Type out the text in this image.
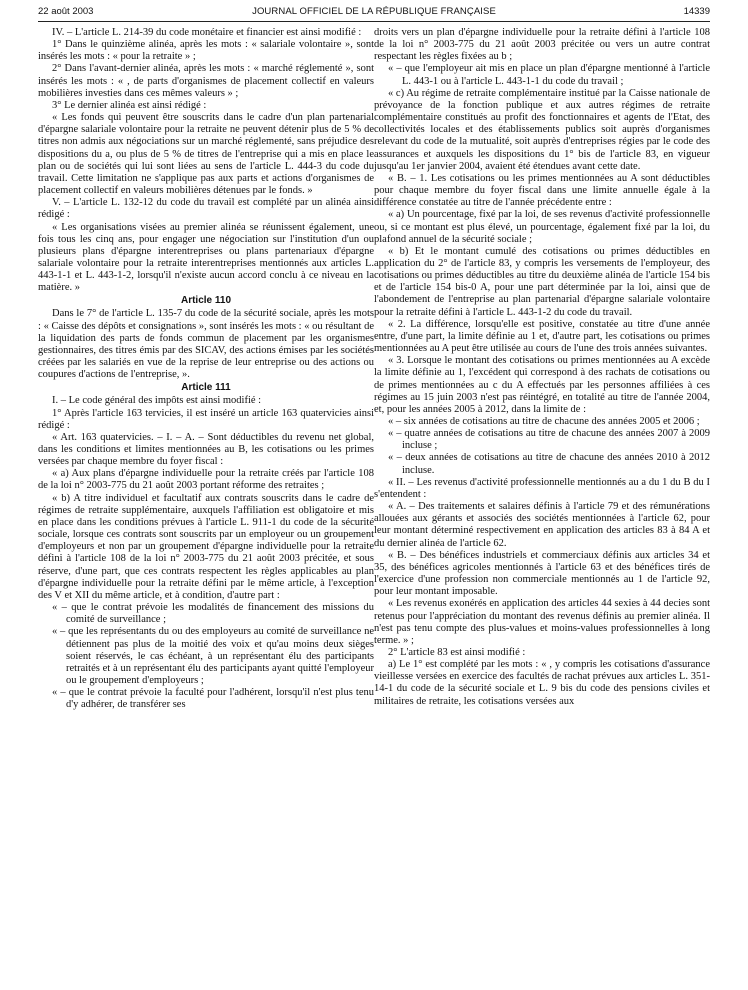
22 août 2003	JOURNAL OFFICIEL DE LA RÉPUBLIQUE FRANÇAISE	14339

IV. – L'article L. 214-39 du code monétaire et financier est ainsi modifié :

1° Dans le quinzième alinéa, après les mots : « salariale volontaire », sont insérés les mots : « pour la retraite » ;

2° Dans l'avant-dernier alinéa, après les mots : « marché réglementé », sont insérés les mots : « , de parts d'organismes de placement collectif en valeurs mobilières investies dans ces mêmes valeurs » ;

3° Le dernier alinéa est ainsi rédigé :

« Les fonds qui peuvent être souscrits dans le cadre d'un plan partenarial d'épargne salariale volontaire pour la retraite ne peuvent détenir plus de 5 % de titres non admis aux négociations sur un marché réglementé, sans préjudice des dispositions du a, ou plus de 5 % de titres de l'entreprise qui a mis en place le plan ou de sociétés qui lui sont liées au sens de l'article L. 444-3 du code du travail. Cette limitation ne s'applique pas aux parts et actions d'organismes de placement collectif en valeurs mobilières détenues par le fonds. »

V. – L'article L. 132-12 du code du travail est complété par un alinéa ainsi rédigé :

« Les organisations visées au premier alinéa se réunissent également, une fois tous les cinq ans, pour engager une négociation sur l'institution d'un ou plusieurs plans d'épargne interentreprises ou plans partenariaux d'épargne salariale volontaire pour la retraite interentreprises mentionnés aux articles L. 443-1-1 et L. 443-1-2, lorsqu'il n'existe aucun accord conclu à ce niveau en la matière. »

Article 110

Dans le 7° de l'article L. 135-7 du code de la sécurité sociale, après les mots : « Caisse des dépôts et consignations », sont insérés les mots : « ou résultant de la liquidation des parts de fonds commun de placement par les organismes gestionnaires, des titres émis par des SICAV, des actions émises par les sociétés créées par les salariés en vue de la reprise de leur entreprise ou des actions ou coupures d'actions de l'entreprise, ».

Article 111

I. – Le code général des impôts est ainsi modifié :

1° Après l'article 163 tervicies, il est inséré un article 163 quatervicies ainsi rédigé :

« Art. 163 quatervicies. – I. – A. – Sont déductibles du revenu net global, dans les conditions et limites mentionnées au B, les cotisations ou les primes versées par chaque membre du foyer fiscal :

« a) Aux plans d'épargne individuelle pour la retraite créés par l'article 108 de la loi n° 2003-775 du 21 août 2003 portant réforme des retraites ;

« b) A titre individuel et facultatif aux contrats souscrits dans le cadre de régimes de retraite supplémentaire, auxquels l'affiliation est obligatoire et mis en place dans les conditions prévues à l'article L. 911-1 du code de la sécurité sociale, lorsque ces contrats sont souscrits par un employeur ou un groupement d'employeurs et non par un groupement d'épargne individuelle pour la retraite défini à l'article 108 de la loi n° 2003-775 du 21 août 2003 précitée, et sous réserve, d'une part, que ces contrats respectent les règles applicables au plan d'épargne individuelle pour la retraite défini par le même article, à l'exception des V et XII du même article, et à condition, d'autre part :

« – que le contrat prévoie les modalités de financement des missions du comité de surveillance ;

« – que les représentants du ou des employeurs au comité de surveillance ne détiennent pas plus de la moitié des voix et qu'au moins deux sièges soient réservés, le cas échéant, à un représentant élu des participants retraités et à un représentant élu des participants ayant quitté l'employeur ou le groupement d'employeurs ;

« – que le contrat prévoie la faculté pour l'adhérent, lorsqu'il n'est plus tenu d'y adhérer, de transférer ses

droits vers un plan d'épargne individuelle pour la retraite défini à l'article 108 de la loi n° 2003-775 du 21 août 2003 précitée ou vers un autre contrat respectant les règles fixées au b ;

« – que l'employeur ait mis en place un plan d'épargne mentionné à l'article L. 443-1 ou à l'article L. 443-1-1 du code du travail ;

« c) Au régime de retraite complémentaire institué par la Caisse nationale de prévoyance de la fonction publique et aux autres régimes de retraite complémentaire constitués au profit des fonctionnaires et agents de l'Etat, des collectivités locales et des établissements publics soit auprès d'organismes relevant du code de la mutualité, soit auprès d'entreprises régies par le code des assurances et auxquels les dispositions du 1° bis de l'article 83, en vigueur jusqu'au 1er janvier 2004, avaient été étendues avant cette date.

« B. – 1. Les cotisations ou les primes mentionnées au A sont déductibles pour chaque membre du foyer fiscal dans une limite annuelle égale à la différence constatée au titre de l'année précédente entre :

« a) Un pourcentage, fixé par la loi, de ses revenus d'activité professionnelle ou, si ce montant est plus élevé, un pourcentage, également fixé par la loi, du plafond annuel de la sécurité sociale ;

« b) Et le montant cumulé des cotisations ou primes déductibles en application du 2° de l'article 83, y compris les versements de l'employeur, des cotisations ou primes déductibles au titre du deuxième alinéa de l'article 154 bis et de l'article 154 bis-0 A, pour une part déterminée par la loi, ainsi que de l'abondement de l'entreprise au plan partenarial d'épargne salariale volontaire pour la retraite défini à l'article L. 443-1-2 du code du travail.

« 2. La différence, lorsqu'elle est positive, constatée au titre d'une année entre, d'une part, la limite définie au 1 et, d'autre part, les cotisations ou primes mentionnées au A peut être utilisée au cours de l'une des trois années suivantes.

« 3. Lorsque le montant des cotisations ou primes mentionnées au A excède la limite définie au 1, l'excédent qui correspond à des rachats de cotisations ou de primes mentionnées au c du A effectués par les personnes affiliées à ces régimes au 15 juin 2003 n'est pas réintégré, en totalité au titre de l'année 2004, et, pour les années 2005 à 2012, dans la limite de :

« – six années de cotisations au titre de chacune des années 2005 et 2006 ;

« – quatre années de cotisations au titre de chacune des années 2007 à 2009 incluse ;

« – deux années de cotisations au titre de chacune des années 2010 à 2012 incluse.

« II. – Les revenus d'activité professionnelle mentionnés au a du 1 du B du I s'entendent :

« A. – Des traitements et salaires définis à l'article 79 et des rémunérations allouées aux gérants et associés des sociétés mentionnées à l'article 62, pour leur montant déterminé respectivement en application des articles 83 à 84 A et du dernier alinéa de l'article 62.

« B. – Des bénéfices industriels et commerciaux définis aux articles 34 et 35, des bénéfices agricoles mentionnés à l'article 63 et des bénéfices tirés de l'exercice d'une profession non commerciale mentionnés au 1 de l'article 92, pour leur montant imposable.

« Les revenus exonérés en application des articles 44 sexies à 44 decies sont retenus pour l'appréciation du montant des revenus définis au premier alinéa. Il n'est pas tenu compte des plus-values et moins-values professionnelles à long terme. » ;

2° L'article 83 est ainsi modifié :

a) Le 1° est complété par les mots : « , y compris les cotisations d'assurance vieillesse versées en exercice des facultés de rachat prévues aux articles L. 351-14-1 du code de la sécurité sociale et L. 9 bis du code des pensions civiles et militaires de retraite, les cotisations versées aux
